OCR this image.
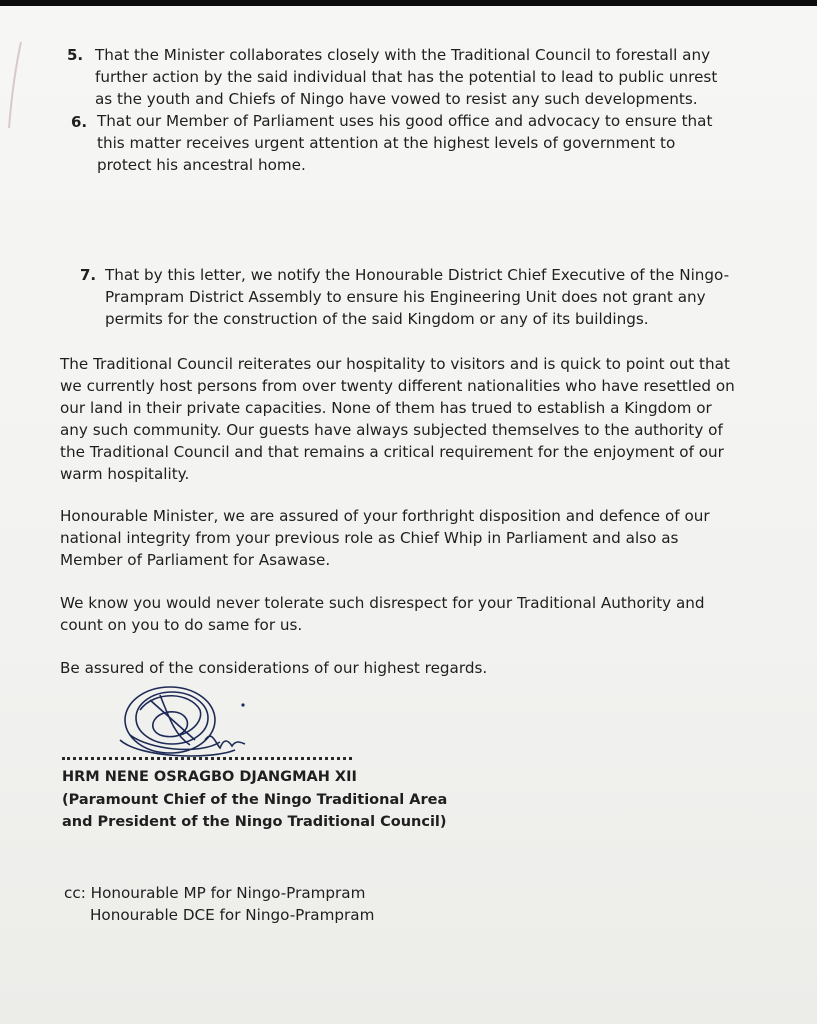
5. That the Minister collaborates closely with the Traditional Council to forestall any
further action by the said individual that has the potential to lead to public unrest
as the youth and Chiefs of Ningo have vowed to resist any such developments.
6. That our Member of Parliament uses his good office and advocacy to ensure that
this matter receives urgent attention at the highest levels of government to
protect his ancestral home.
7. That by this letter, we notify the Honourable District Chief Executive of the Ningo-
Prampram District Assembly to ensure his Engineering Unit does not grant any
permits for the construction of the said Kingdom or any of its buildings.
The Traditional Council reiterates our hospitality to visitors and is quick to point out that
we currently host persons from over twenty different nationalities who have resettled on
our land in their private capacities. None of them has trued to establish a Kingdom or
any such community. Our guests have always subjected themselves to the authority of
the Traditional Council and that remains a critical requirement for the enjoyment of our
warm hospitality.
Honourable Minister, we are assured of your forthright disposition and defence of our
national integrity from your previous role as Chief Whip in Parliament and also as
Member of Parliament for Asawase.
We know you would never tolerate such disrespect for your Traditional Authority and
count on you to do same for us.
Be assured of the considerations of our highest regards.
HRM NENE OSRAGBO DJANGMAH XII
(Paramount Chief of the Ningo Traditional Area
and President of the Ningo Traditional Council)
cc: Honourable MP for Ningo-Prampram
Honourable DCE for Ningo-Prampram
